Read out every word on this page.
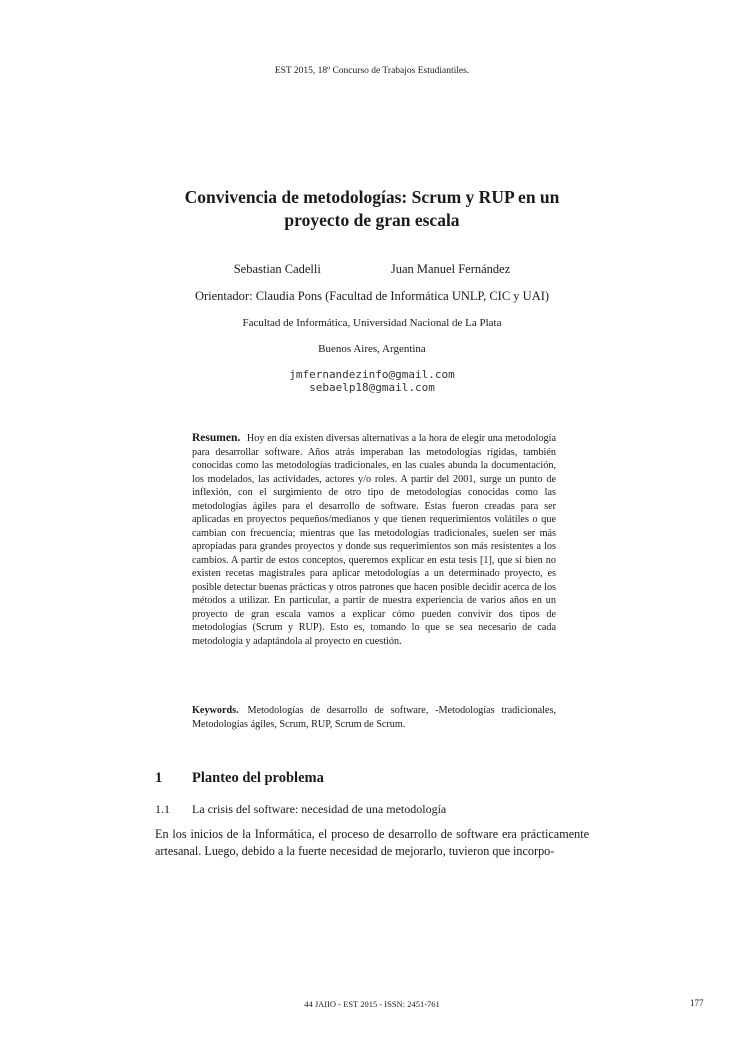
EST 2015, 18º Concurso de Trabajos Estudiantiles.
Convivencia de metodologías: Scrum y RUP en un
proyecto de gran escala
Sebastian Cadelli	Juan Manuel Fernández
Orientador: Claudia Pons (Facultad de Informática UNLP, CIC y UAI)
Facultad de Informática, Universidad Nacional de La Plata
Buenos Aires, Argentina
jmfernandezinfo@gmail.com
sebaelp18@gmail.com
Resumen. Hoy en día existen diversas alternativas a la hora de elegir una metodología para desarrollar software. Años atrás imperaban las metodologías rígidas, también conocidas como las metodologías tradicionales, en las cuales abunda la documentación, los modelados, las actividades, actores y/o roles. A partir del 2001, surge un punto de inflexión, con el surgimiento de otro tipo de metodologías conocidas como las metodologías ágiles para el desarrollo de software. Estas fueron creadas para ser aplicadas en proyectos pequeños/medianos y que tienen requerimientos volátiles o que cambian con frecuencia; mientras que las metodologías tradicionales, suelen ser más apropiadas para grandes proyectos y donde sus requerimientos son más resistentes a los cambios. A partir de estos conceptos, queremos explicar en esta tesis [1], que si bien no existen recetas magistrales para aplicar metodologías a un determinado proyecto, es posible detectar buenas prácticas y otros patrones que hacen posible decidir acerca de los métodos a utilizar. En particular, a partir de nuestra experiencia de varios años en un proyecto de gran escala vamos a explicar cómo pueden convivir dos tipos de metodologías (Scrum y RUP). Esto es, tomando lo que se sea necesario de cada metodología y adaptándola al proyecto en cuestión.
Keywords. Metodologías de desarrollo de software, -Metodologías tradicionales, Metodologías ágiles, Scrum, RUP, Scrum de Scrum.
1 Planteo del problema
1.1 La crisis del software: necesidad de una metodología
En los inicios de la Informática, el proceso de desarrollo de software era prácticamente artesanal. Luego, debido a la fuerte necesidad de mejorarlo, tuvieron que incorpo-
44 JAIIO - EST 2015 - ISSN: 2451-761	177
